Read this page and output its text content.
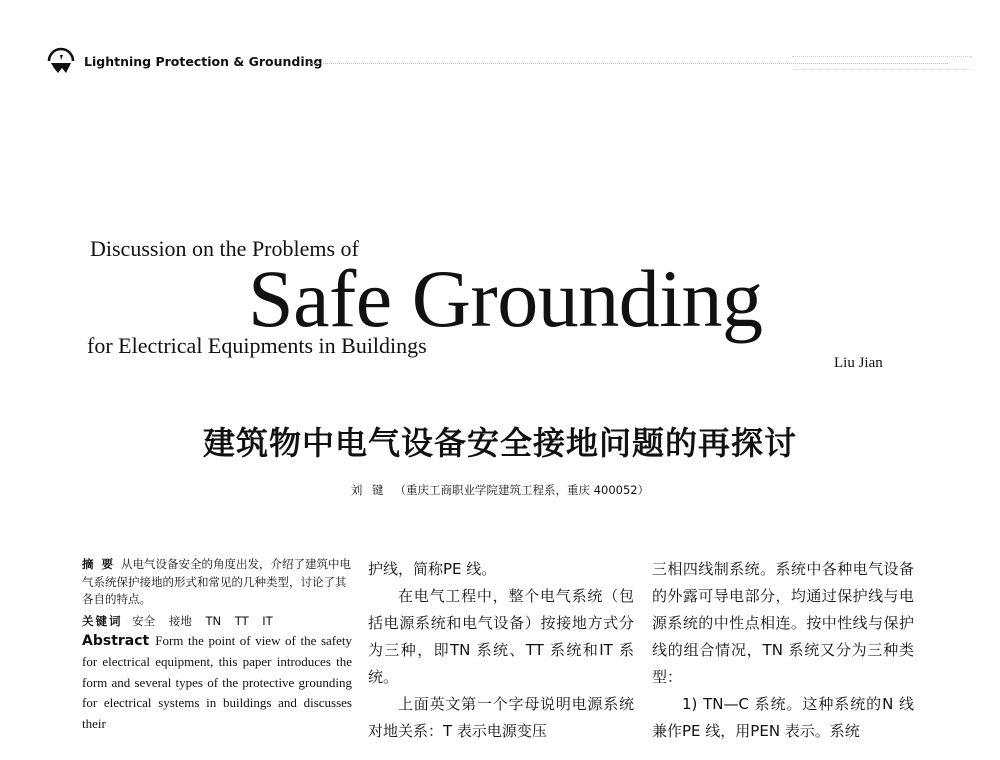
Lightning Protection & Grounding
Discussion on the Problems of
Safe Grounding
for Electrical Equipments in Buildings
Liu Jian
建筑物中电气设备安全接地问题的再探讨
刘 键 （重庆工商职业学院建筑工程系，重庆 400052）
摘 要 从电气设备安全的角度出发，介绍了建筑中电气系统保护接地的形式和常见的几种类型，讨论了其各自的特点。
关键词 安全 接地 TN TT IT
Abstract Form the point of view of the safety for electrical equipment, this paper introduces the form and several types of the protective grounding for electrical systems in buildings and discusses their

护线，简称PE 线。

在电气工程中，整个电气系统（包括电源系统和电气设备）按接地方式分为三种，即TN 系统、TT 系统和IT 系统。

上面英文第一个字母说明电源系统对地关系：T 表示电源变压

三相四线制系统。系统中各种电气设备的外露可导电部分，均通过保护线与电源系统的中性点相连。按中性线与保护线的组合情况，TN 系统又分为三种类型：

1) TN—C 系统。这种系统的N 线兼作PE 线，用PEN 表示。系统
